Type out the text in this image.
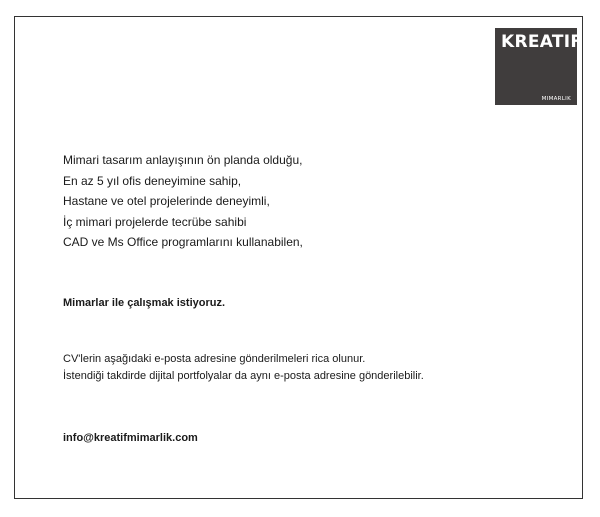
KREATIF
MIMARLIK
Mimari tasarım anlayışının ön planda olduğu,
En az 5 yıl ofis deneyimine sahip,
Hastane ve otel projelerinde deneyimli,
İç mimari projelerde tecrübe sahibi
CAD ve Ms Office programlarını kullanabilen,
Mimarlar ile çalışmak istiyoruz.
CV'lerin aşağıdaki e-posta adresine gönderilmeleri rica olunur.
İstendiği takdirde dijital portfolyalar da aynı e-posta adresine gönderilebilir.
info@kreatifmimarlik.com
